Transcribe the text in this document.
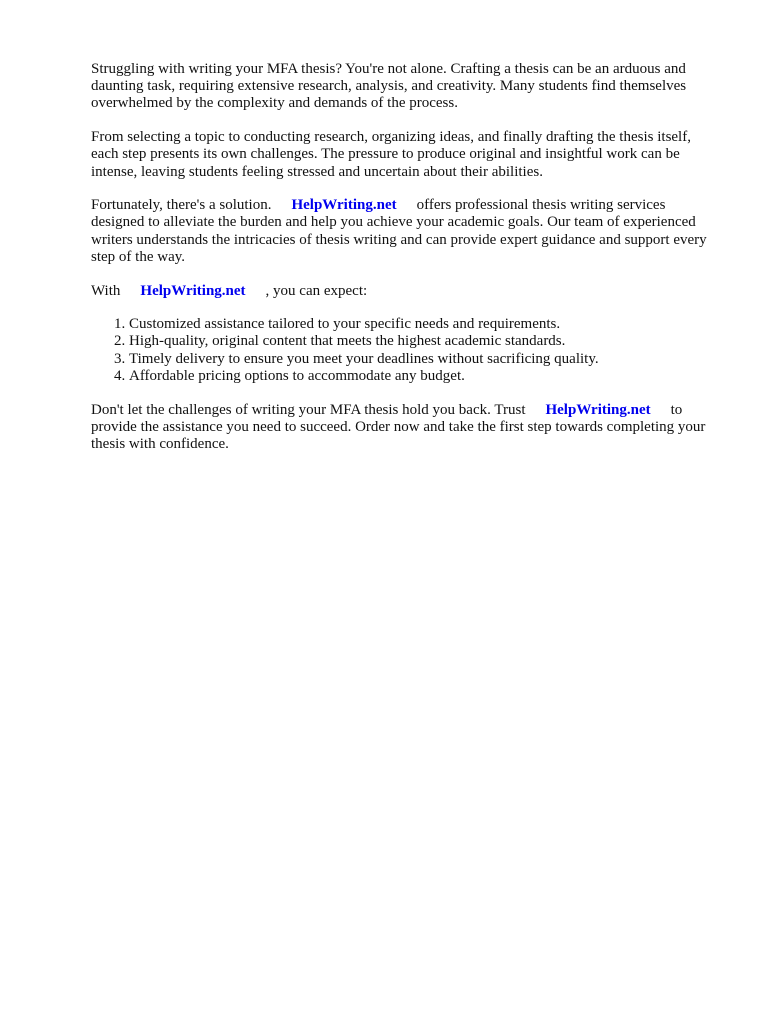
Struggling with writing your MFA thesis? You're not alone. Crafting a thesis can be an arduous and daunting task, requiring extensive research, analysis, and creativity. Many students find themselves overwhelmed by the complexity and demands of the process.

From selecting a topic to conducting research, organizing ideas, and finally drafting the thesis itself, each step presents its own challenges. The pressure to produce original and insightful work can be intense, leaving students feeling stressed and uncertain about their abilities.

Fortunately, there's a solution. HelpWriting.net offers professional thesis writing services designed to alleviate the burden and help you achieve your academic goals. Our team of experienced writers understands the intricacies of thesis writing and can provide expert guidance and support every step of the way.

With HelpWriting.net , you can expect:

1. Customized assistance tailored to your specific needs and requirements.
2. High-quality, original content that meets the highest academic standards.
3. Timely delivery to ensure you meet your deadlines without sacrificing quality.
4. Affordable pricing options to accommodate any budget.

Don't let the challenges of writing your MFA thesis hold you back. Trust HelpWriting.net to provide the assistance you need to succeed. Order now and take the first step towards completing your thesis with confidence.
